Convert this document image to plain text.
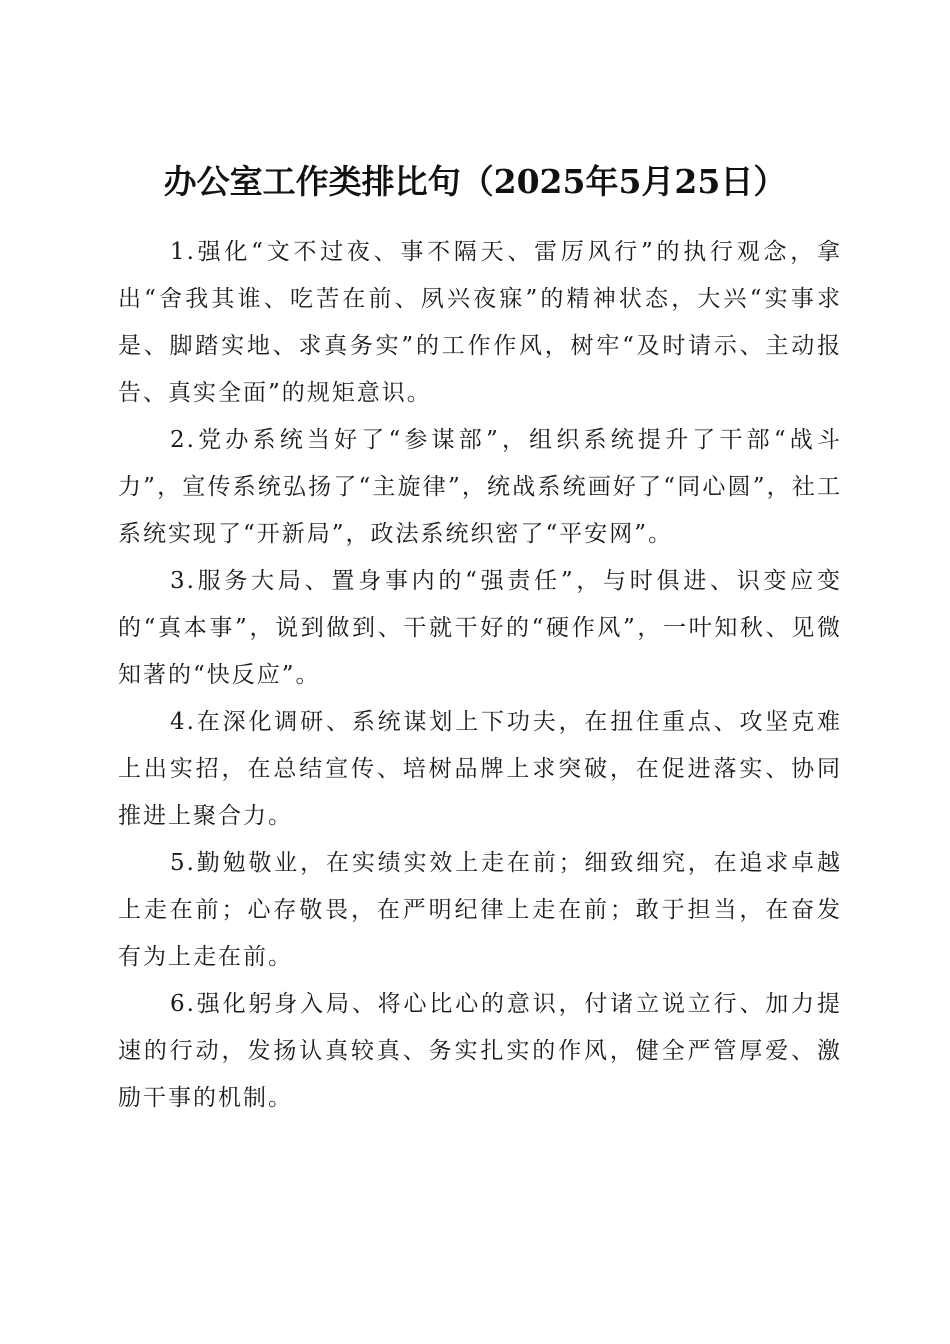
办公室工作类排比句（2025年5月25日）

1.强化“文不过夜、事不隔天、雷厉风行”的执行观念，拿出“舍我其谁、吃苦在前、夙兴夜寐”的精神状态，大兴“实事求是、脚踏实地、求真务实”的工作作风，树牢“及时请示、主动报告、真实全面”的规矩意识。

2.党办系统当好了“参谋部”，组织系统提升了干部“战斗力”，宣传系统弘扬了“主旋律”，统战系统画好了“同心圆”，社工系统实现了“开新局”，政法系统织密了“平安网”。

3.服务大局、置身事内的“强责任”，与时俱进、识变应变的“真本事”，说到做到、干就干好的“硬作风”，一叶知秋、见微知著的“快反应”。

4.在深化调研、系统谋划上下功夫，在扭住重点、攻坚克难上出实招，在总结宣传、培树品牌上求突破，在促进落实、协同推进上聚合力。

5.勤勉敬业，在实绩实效上走在前；细致细究，在追求卓越上走在前；心存敬畏，在严明纪律上走在前；敢于担当，在奋发有为上走在前。

6.强化躬身入局、将心比心的意识，付诸立说立行、加力提速的行动，发扬认真较真、务实扎实的作风，健全严管厚爱、激励干事的机制。
